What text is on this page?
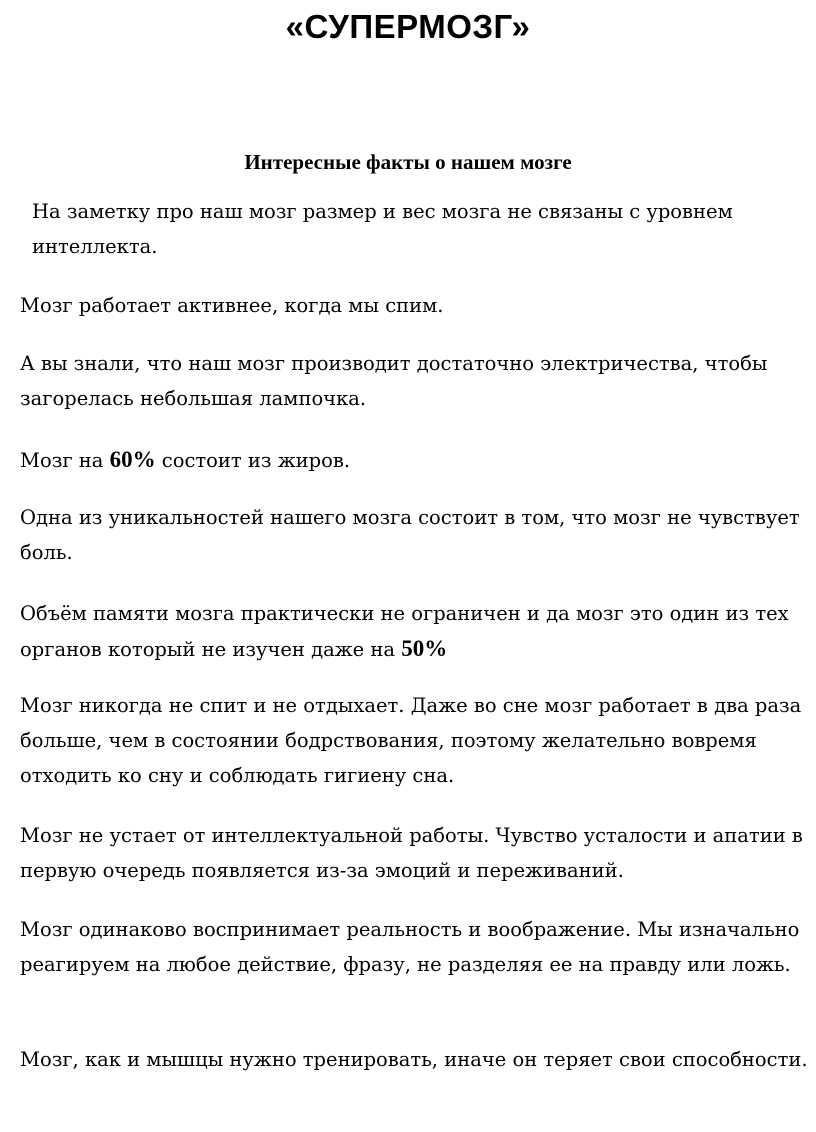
«СУПЕРМОЗГ»
Интересные факты о нашем мозге

На заметку про наш мозг размер и вес мозга не связаны с уровнем интеллекта.

Мозг работает активнее, когда мы спим.

А вы знали, что наш мозг производит достаточно электричества, чтобы загорелась небольшая лампочка.

Мозг на 60% состоит из жиров.

Одна из уникальностей нашего мозга состоит в том, что мозг не чувствует боль.

Объём памяти мозга практически не ограничен и да мозг это один из тех органов который не изучен даже на 50%

Мозг никогда не спит и не отдыхает. Даже во сне мозг работает в два раза больше, чем в состоянии бодрствования, поэтому желательно вовремя отходить ко сну и соблюдать гигиену сна.

Мозг не устает от интеллектуальной работы. Чувство усталости и апатии в первую очередь появляется из-за эмоций и переживаний.

Мозг одинаково воспринимает реальность и воображение. Мы изначально реагируем на любое действие, фразу, не разделяя ее на правду или ложь.

Мозг, как и мышцы нужно тренировать, иначе он теряет свои способности.
